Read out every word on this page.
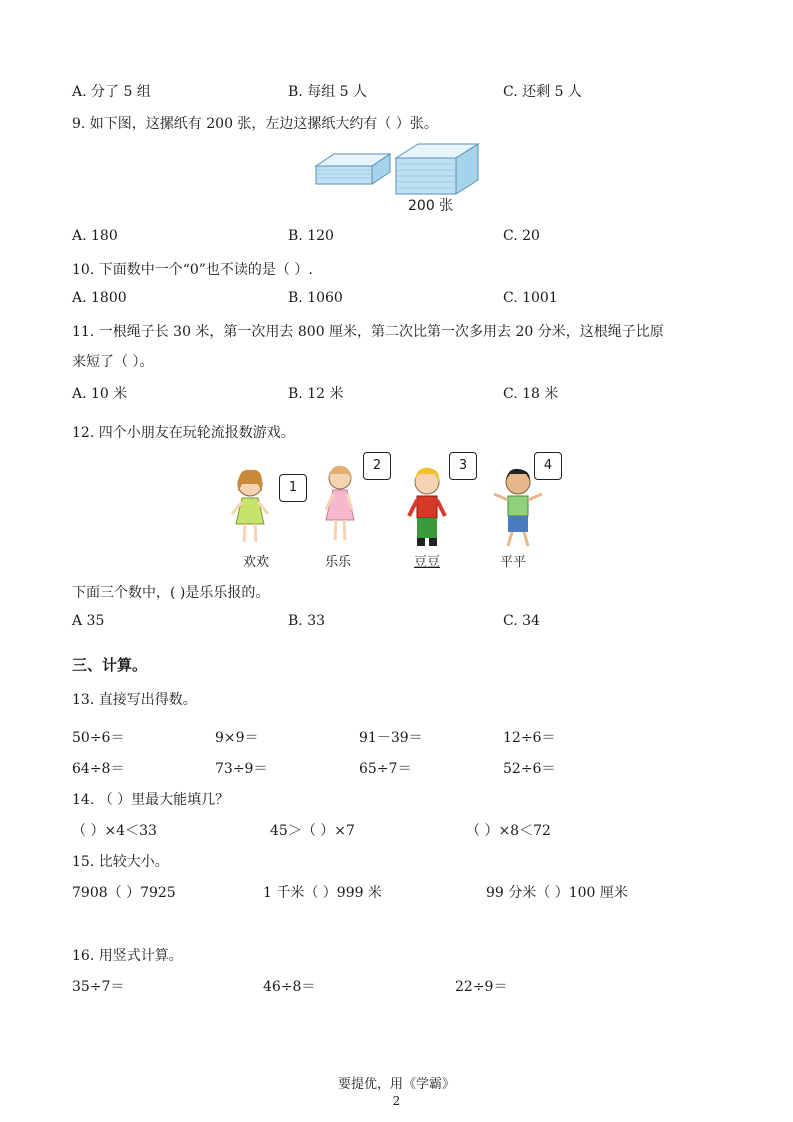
A. 分了 5 组	B. 每组 5 人	C. 还剩 5 人
9. 如下图，这摞纸有 200 张，左边这摞纸大约有（ ）张。
200 张
A. 180	B. 120	C. 20
10. 下面数中一个“0”也不读的是（ ）.
A. 1800	B. 1060	C. 1001
11. 一根绳子长 30 米，第一次用去 800 厘米，第二次比第一次多用去 20 分米，这根绳子比原
来短了（ ）。
A. 10 米	B. 12 米	C. 18 米
12. 四个小朋友在玩轮流报数游戏。
1
欢欢
2
乐乐
3
豆豆
4
平平
下面三个数中，( )是乐乐报的。
A 35	B. 33	C. 34
三、计算。
13. 直接写出得数。
50÷6＝	9×9＝	91－39＝	12÷6＝
64÷8＝	73÷9＝	65÷7＝	52÷6＝
14. （ ）里最大能填几？
（ ）×4＜33	45＞（ ）×7	（ ）×8＜72
15. 比较大小。
7908（ ）7925	1 千米（ ）999 米	99 分米（ ）100 厘米
16. 用竖式计算。
35÷7＝	46÷8＝	22÷9＝
要提优，用《学霸》
2
